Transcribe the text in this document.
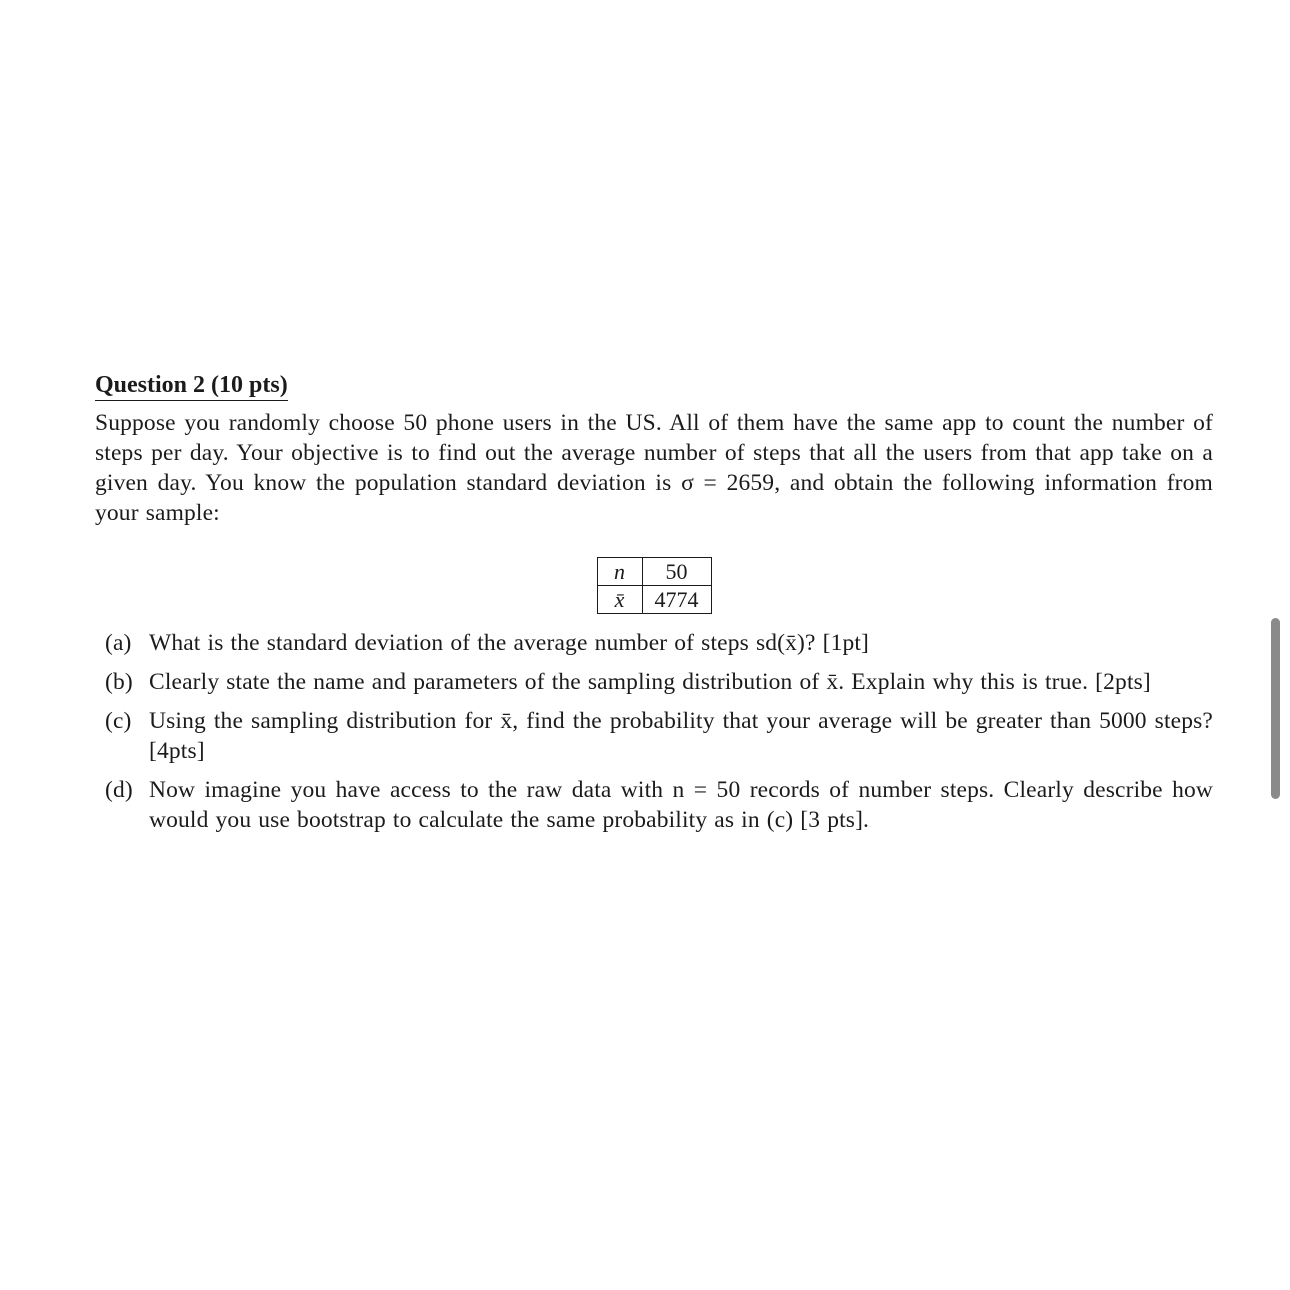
Question 2 (10 pts)

Suppose you randomly choose 50 phone users in the US. All of them have the same app to count the number of steps per day. Your objective is to find out the average number of steps that all the users from that app take on a given day. You know the population standard deviation is σ = 2659, and obtain the following information from your sample:

n	50
x̄	4774
(a) What is the standard deviation of the average number of steps sd(x̄)? [1pt]
(b) Clearly state the name and parameters of the sampling distribution of x̄. Explain why this is true. [2pts]
(c) Using the sampling distribution for x̄, find the probability that your average will be greater than 5000 steps? [4pts]
(d) Now imagine you have access to the raw data with n = 50 records of number steps. Clearly describe how would you use bootstrap to calculate the same probability as in (c) [3 pts].
